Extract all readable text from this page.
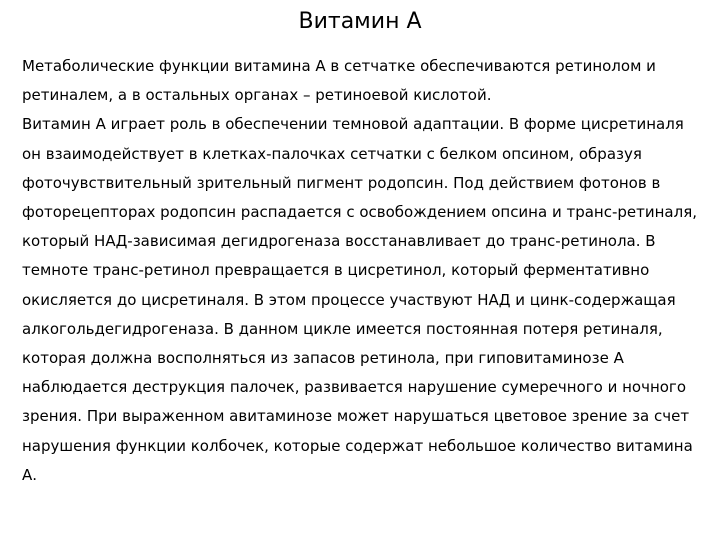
Витамин А

Метаболические функции витамина А в сетчатке обеспечиваются ретинолом и ретиналем, а в остальных органах – ретиноевой кислотой.

Витамин А играет роль в обеспечении темновой адаптации. В форме цисретиналя он взаимодействует в клетках-палочках сетчатки с белком опсином, образуя фоточувствительный зрительный пигмент родопсин. Под действием фотонов в фоторецепторах родопсин распадается с освобождением опсина и транс-ретиналя, который НАД-зависимая дегидрогеназа восстанавливает до транс-ретинола. В темноте транс-ретинол превращается в цисретинол, который ферментативно окисляется до цисретиналя. В этом процессе участвуют НАД и цинк-содержащая алкогольдегидрогеназа. В данном цикле имеется постоянная потеря ретиналя, которая должна восполняться из запасов ретинола, при гиповитаминозе А наблюдается деструкция палочек, развивается нарушение сумеречного и ночного зрения. При выраженном авитаминозе может нарушаться цветовое зрение за счет нарушения функции колбочек, которые содержат небольшое количество витамина А.
